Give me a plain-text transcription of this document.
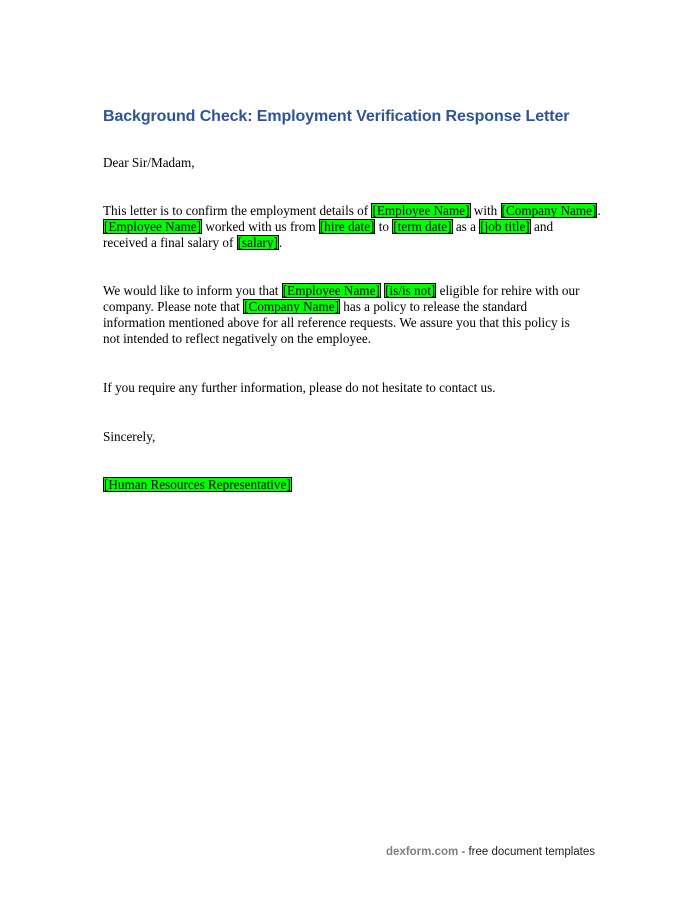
Background Check: Employment Verification Response Letter
Dear Sir/Madam,
This letter is to confirm the employment details of [Employee Name] with [Company Name].
[Employee Name] worked with us from [hire date] to [term date] as a [job title] and
received a final salary of [salary].
We would like to inform you that [Employee Name] [is/is not] eligible for rehire with our
company. Please note that [Company Name] has a policy to release the standard
information mentioned above for all reference requests. We assure you that this policy is
not intended to reflect negatively on the employee.
If you require any further information, please do not hesitate to contact us.
Sincerely,
[Human Resources Representative]
dexform.com - free document templates
